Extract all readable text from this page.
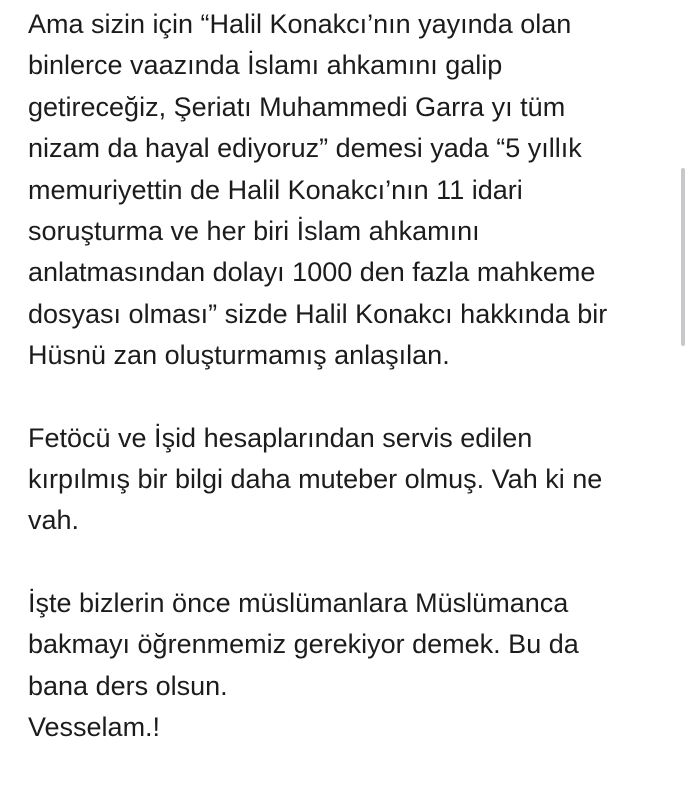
Ama sizin için “Halil Konakcı’nın yayında olan
binlerce vaazında İslamı ahkamını galip
getireceğiz, Şeriatı Muhammedi Garra yı tüm
nizam da hayal ediyoruz” demesi yada “5 yıllık
memuriyettin de Halil Konakcı’nın 11 idari
soruşturma ve her biri İslam ahkamını
anlatmasından dolayı 1000 den fazla mahkeme
dosyası olması” sizde Halil Konakcı hakkında bir
Hüsnü zan oluşturmamış anlaşılan.

Fetöcü ve İşid hesaplarından servis edilen
kırpılmış bir bilgi daha muteber olmuş. Vah ki ne
vah.

İşte bizlerin önce müslümanlara Müslümanca
bakmayı öğrenmemiz gerekiyor demek. Bu da
bana ders olsun.
Vesselam.!
